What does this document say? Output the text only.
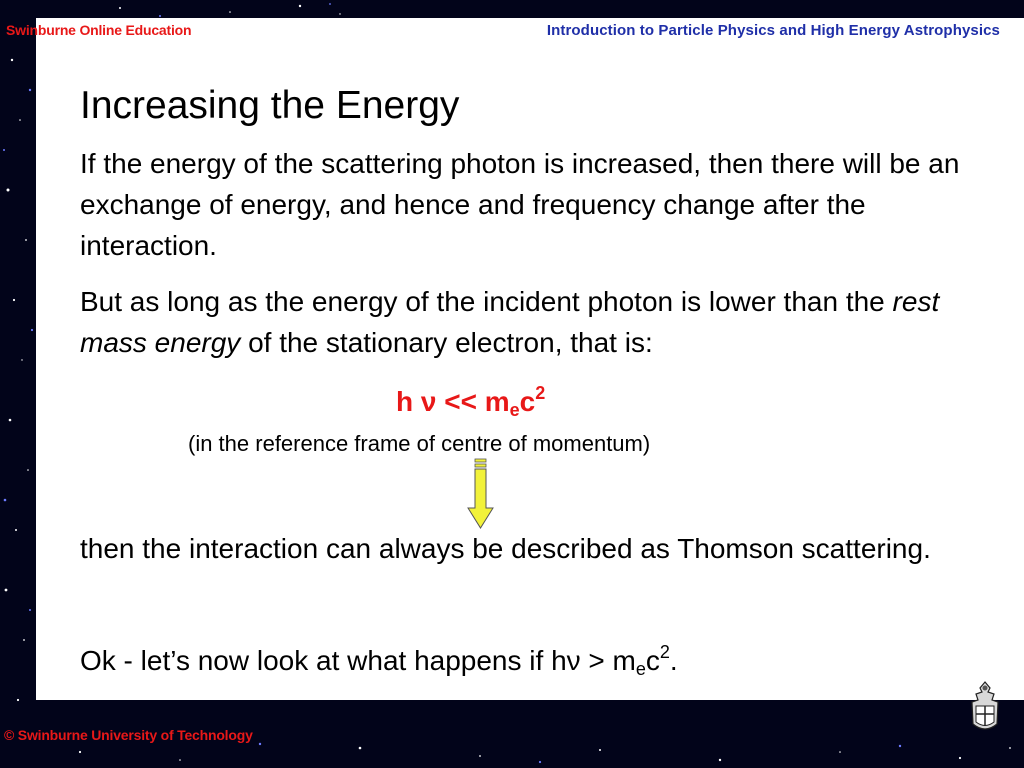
Swinburne Online Education	Introduction to Particle Physics and High Energy Astrophysics
Increasing the Energy
If the energy of the scattering photon is increased, then there will be an exchange of energy, and hence and frequency change after the interaction.
But as long as the energy of the incident photon is lower than the rest mass energy of the stationary electron, that is:
h $\nu << m_ec^2$
(in the reference frame of centre of momentum)
then the interaction can always be described as Thomson scattering.
Ok - let’s now look at what happens if $h\nu > m_ec^2$.
© Swinburne University of Technology
